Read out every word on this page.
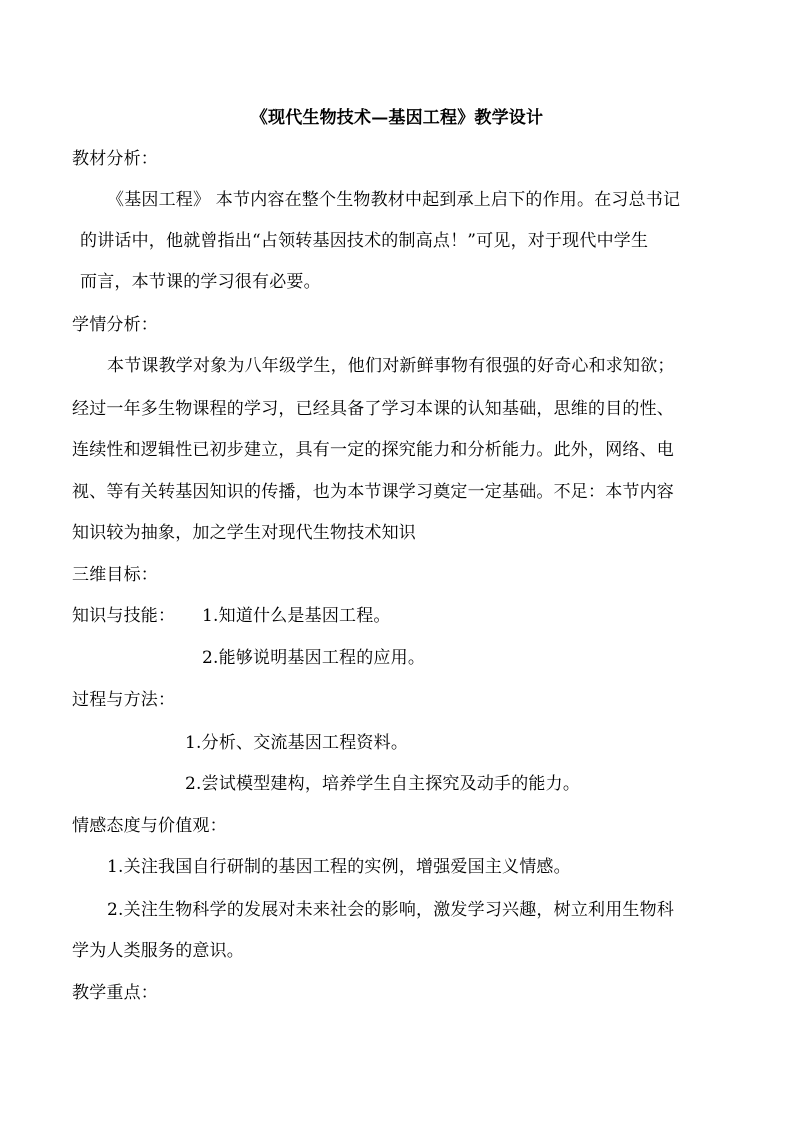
《现代生物技术—基因工程》教学设计
教材分析：
《基因工程》 本节内容在整个生物教材中起到承上启下的作用。在习总书记
的讲话中，他就曾指出“占领转基因技术的制高点！”可见，对于现代中学生
而言，本节课的学习很有必要。
学情分析：
本节课教学对象为八年级学生，他们对新鲜事物有很强的好奇心和求知欲；
经过一年多生物课程的学习，已经具备了学习本课的认知基础，思维的目的性、
连续性和逻辑性已初步建立，具有一定的探究能力和分析能力。此外，网络、电
视、等有关转基因知识的传播，也为本节课学习奠定一定基础。不足：本节内容
知识较为抽象，加之学生对现代生物技术知识
三维目标：
知识与技能：	1.知道什么是基因工程。
2.能够说明基因工程的应用。
过程与方法：
1.分析、交流基因工程资料。
2.尝试模型建构，培养学生自主探究及动手的能力。
情感态度与价值观：
1.关注我国自行研制的基因工程的实例，增强爱国主义情感。
2.关注生物科学的发展对未来社会的影响，激发学习兴趣，树立利用生物科
学为人类服务的意识。
教学重点：
